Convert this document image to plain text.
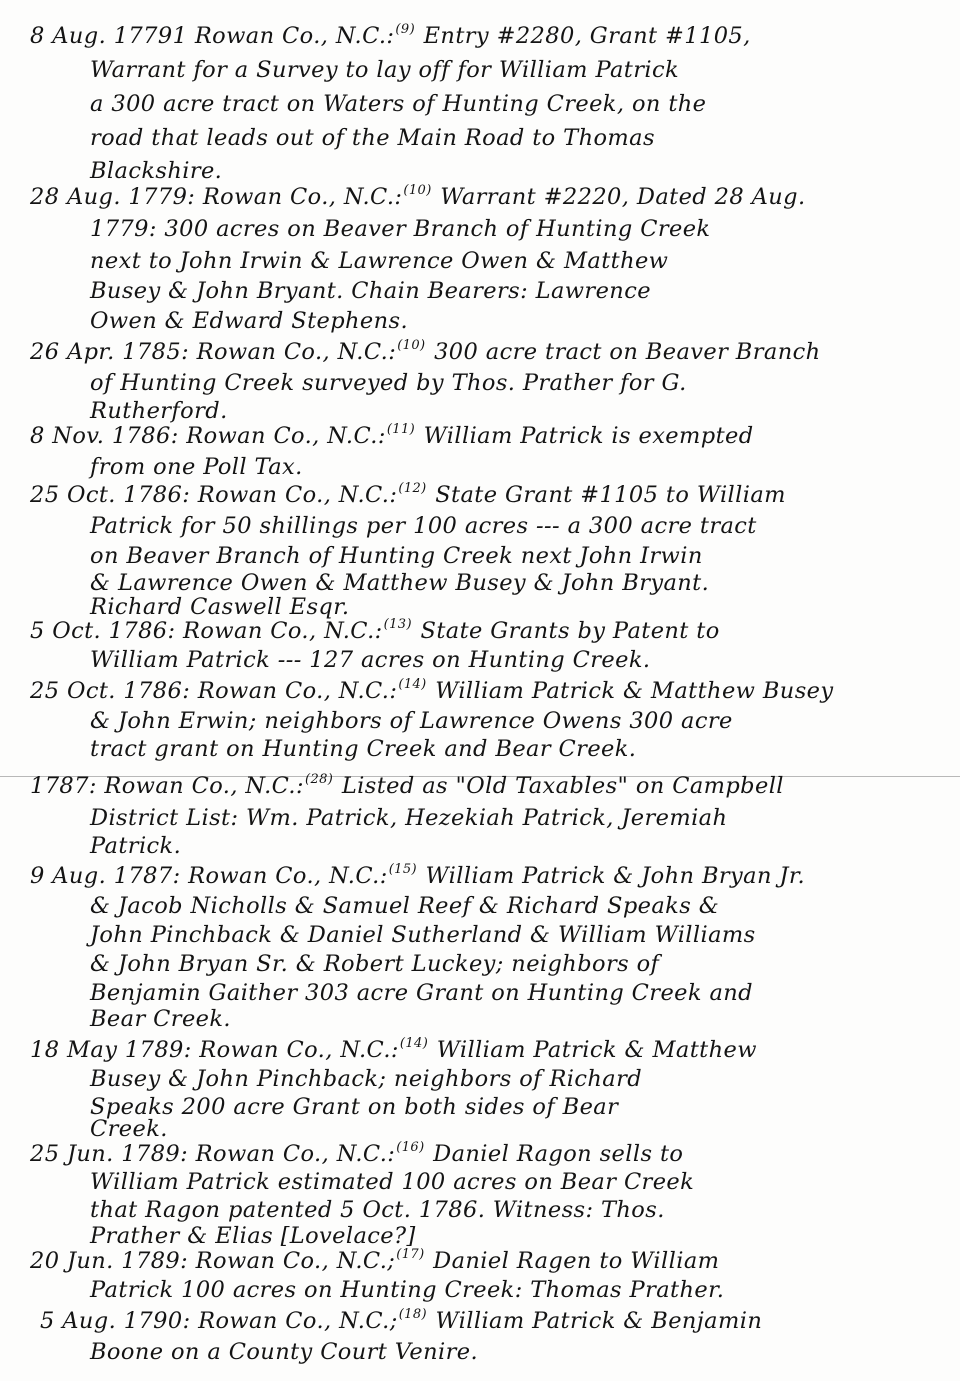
8 Aug. 17791 Rowan Co., N.C.:$^{(9)}$ Entry #2280, Grant #1105,
Warrant for a Survey to lay off for William Patrick
a 300 acre tract on Waters of Hunting Creek, on the
road that leads out of the Main Road to Thomas
Blackshire.
28 Aug. 1779: Rowan Co., N.C.:$^{(10)}$ Warrant #2220, Dated 28 Aug.
1779: 300 acres on Beaver Branch of Hunting Creek
next to John Irwin & Lawrence Owen & Matthew
Busey & John Bryant. Chain Bearers: Lawrence
Owen & Edward Stephens.
26 Apr. 1785: Rowan Co., N.C.:$^{(10)}$ 300 acre tract on Beaver Branch
of Hunting Creek surveyed by Thos. Prather for G.
Rutherford.
8 Nov. 1786: Rowan Co., N.C.:$^{(11)}$ William Patrick is exempted
from one Poll Tax.
25 Oct. 1786: Rowan Co., N.C.:$^{(12)}$ State Grant #1105 to William
Patrick for 50 shillings per 100 acres --- a 300 acre tract
on Beaver Branch of Hunting Creek next John Irwin
& Lawrence Owen & Matthew Busey & John Bryant.
Richard Caswell Esqr.
5 Oct. 1786: Rowan Co., N.C.:$^{(13)}$ State Grants by Patent to
William Patrick --- 127 acres on Hunting Creek.
25 Oct. 1786: Rowan Co., N.C.:$^{(14)}$ William Patrick & Matthew Busey
& John Erwin; neighbors of Lawrence Owens 300 acre
tract grant on Hunting Creek and Bear Creek.
1787: Rowan Co., N.C.:$^{(28)}$ Listed as "Old Taxables" on Campbell
District List: Wm. Patrick, Hezekiah Patrick, Jeremiah
Patrick.
9 Aug. 1787: Rowan Co., N.C.:$^{(15)}$ William Patrick & John Bryan Jr.
& Jacob Nicholls & Samuel Reef & Richard Speaks &
John Pinchback & Daniel Sutherland & William Williams
& John Bryan Sr. & Robert Luckey; neighbors of
Benjamin Gaither 303 acre Grant on Hunting Creek and
Bear Creek.
18 May 1789: Rowan Co., N.C.:$^{(14)}$ William Patrick & Matthew
Busey & John Pinchback; neighbors of Richard
Speaks 200 acre Grant on both sides of Bear
Creek.
25 Jun. 1789: Rowan Co., N.C.:$^{(16)}$ Daniel Ragon sells to
William Patrick estimated 100 acres on Bear Creek
that Ragon patented 5 Oct. 1786. Witness: Thos.
Prather & Elias [Lovelace?]
20 Jun. 1789: Rowan Co., N.C.;$^{(17)}$ Daniel Ragen to William
Patrick 100 acres on Hunting Creek: Thomas Prather.
5 Aug. 1790: Rowan Co., N.C.;$^{(18)}$ William Patrick & Benjamin
Boone on a County Court Venire.
